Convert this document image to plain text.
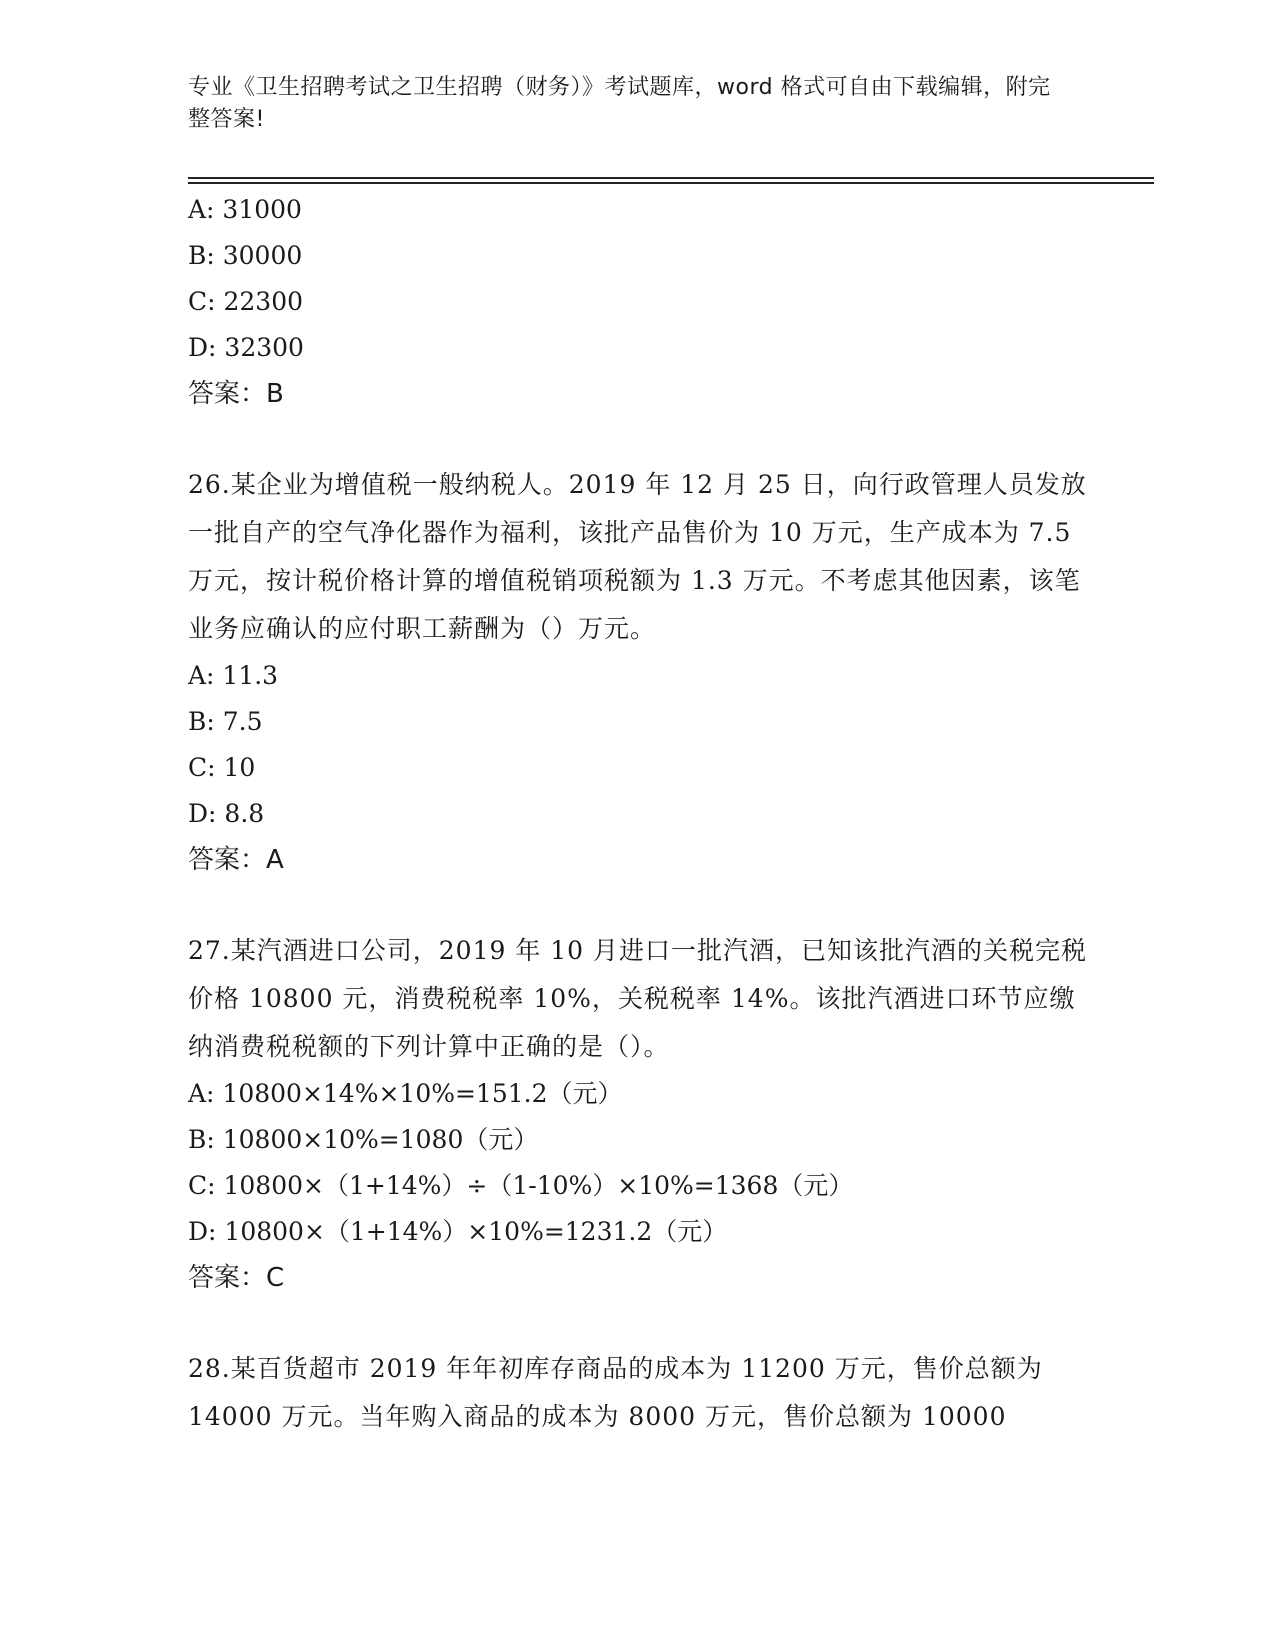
专业《卫生招聘考试之卫生招聘（财务）》考试题库，word 格式可自由下载编辑，附完整答案!

A: 31000

B: 30000

C: 22300

D: 32300

答案：B

26.某企业为增值税一般纳税人。2019 年 12 月 25 日，向行政管理人员发放一批自产的空气净化器作为福利，该批产品售价为 10 万元，生产成本为 7.5 万元，按计税价格计算的增值税销项税额为 1.3 万元。不考虑其他因素，该笔业务应确认的应付职工薪酬为（）万元。

A: 11.3

B: 7.5

C: 10

D: 8.8

答案：A

27.某汽酒进口公司，2019 年 10 月进口一批汽酒，已知该批汽酒的关税完税价格 10800 元，消费税税率 10%，关税税率 14%。该批汽酒进口环节应缴纳消费税税额的下列计算中正确的是（）。

A: 10800×14%×10%=151.2（元）

B: 10800×10%=1080（元）

C: 10800×（1+14%）÷（1-10%）×10%=1368（元）

D: 10800×（1+14%）×10%=1231.2（元）

答案：C

28.某百货超市 2019 年年初库存商品的成本为 11200 万元，售价总额为 14000 万元。当年购入商品的成本为 8000 万元，售价总额为 10000
